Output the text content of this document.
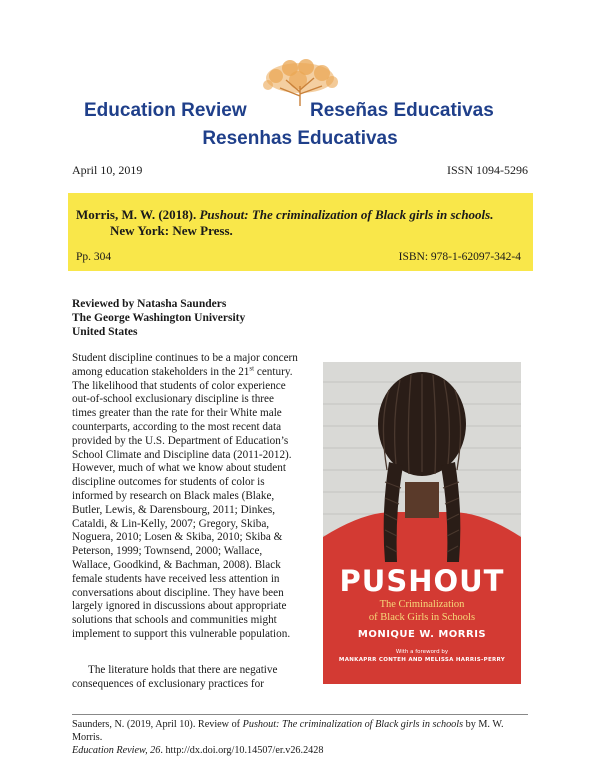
Education Review	Reseñas Educativas
Resenhas Educativas
April 10, 2019	ISSN 1094-5296
Morris, M. W. (2018). Pushout: The criminalization of Black girls in schools.
New York: New Press.
Pp. 304	ISBN: 978-1-62097-342-4
Reviewed by Natasha Saunders
The George Washington University
United States
Student discipline continues to be a major concern among education stakeholders in the 21st century. The likelihood that students of color experience out-of-school exclusionary discipline is three times greater than the rate for their White male counterparts, according to the most recent data provided by the U.S. Department of Education’s School Climate and Discipline data (2011-2012). However, much of what we know about student discipline outcomes for students of color is informed by research on Black males (Blake, Butler, Lewis, & Darensbourg, 2011; Dinkes, Cataldi, & Lin-Kelly, 2007; Gregory, Skiba, Noguera, 2010; Losen & Skiba, 2010; Skiba & Peterson, 1999; Townsend, 2000; Wallace, Wallace, Goodkind, & Bachman, 2008). Black female students have received less attention in conversations about discipline. They have been largely ignored in discussions about appropriate solutions that schools and communities might implement to support this vulnerable population.
The literature holds that there are negative consequences of exclusionary practices for
PUSHOUT
The Criminalization
of Black Girls in Schools
MONIQUE W. MORRIS
With a foreword by
MANKAPRR CONTEH AND MELISSA HARRIS-PERRY
Saunders, N. (2019, April 10). Review of Pushout: The criminalization of Black girls in schools by M. W. Morris.
Education Review, 26. http://dx.doi.org/10.14507/er.v26.2428
